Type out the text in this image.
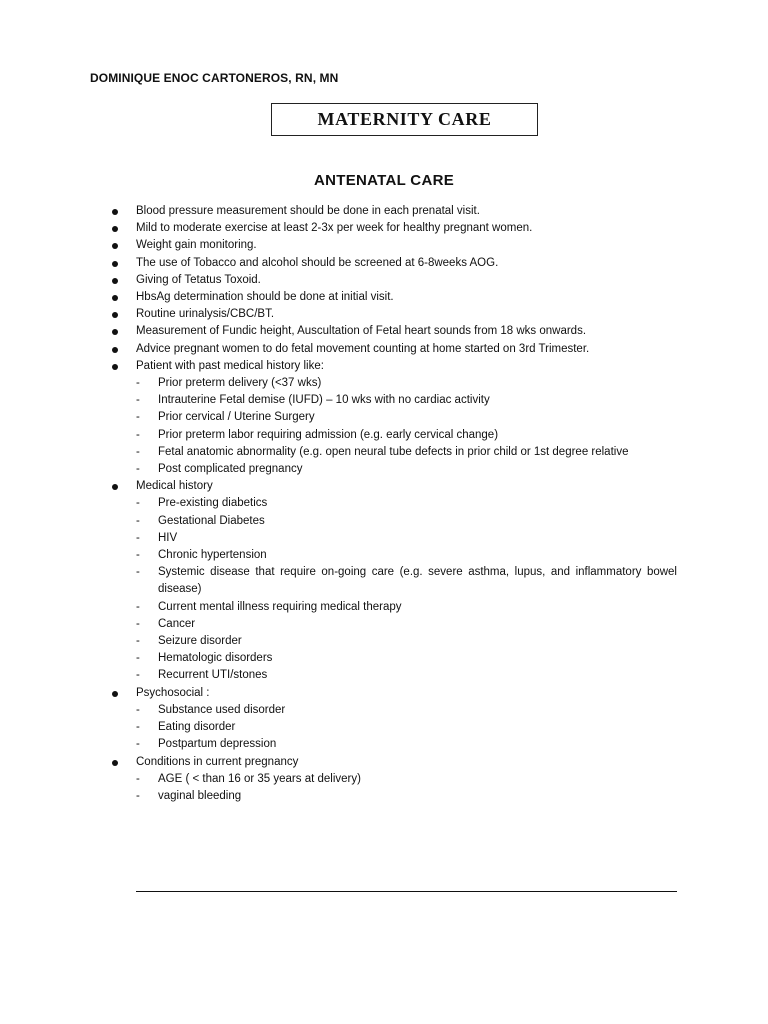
DOMINIQUE ENOC CARTONEROS, RN, MN
MATERNITY CARE
ANTENATAL CARE
Blood pressure measurement should be done in each prenatal visit.
Mild to moderate exercise at least 2-3x per week for healthy pregnant women.
Weight gain monitoring.
The use of Tobacco and alcohol should be screened at 6-8weeks AOG.
Giving of Tetatus Toxoid.
HbsAg determination should be done at initial visit.
Routine urinalysis/CBC/BT.
Measurement of Fundic height, Auscultation of Fetal heart sounds from 18 wks onwards.
Advice pregnant women to do fetal movement counting at home started on 3rd Trimester.
Patient with past medical history like:
- Prior preterm delivery (<37 wks)
- Intrauterine Fetal demise (IUFD) – 10 wks with no cardiac activity
- Prior cervical / Uterine Surgery
- Prior preterm labor requiring admission (e.g. early cervical change)
- Fetal anatomic abnormality (e.g. open neural tube defects in prior child or 1st degree relative
- Post complicated pregnancy
Medical history
- Pre-existing diabetics
- Gestational Diabetes
- HIV
- Chronic hypertension
- Systemic disease that require on-going care (e.g. severe asthma, lupus, and inflammatory bowel disease)
- Current mental illness requiring medical therapy
- Cancer
- Seizure disorder
- Hematologic disorders
- Recurrent UTI/stones
Psychosocial :
- Substance used disorder
- Eating disorder
- Postpartum depression
Conditions in current pregnancy
- AGE ( < than 16 or 35 years at delivery)
- vaginal bleeding
